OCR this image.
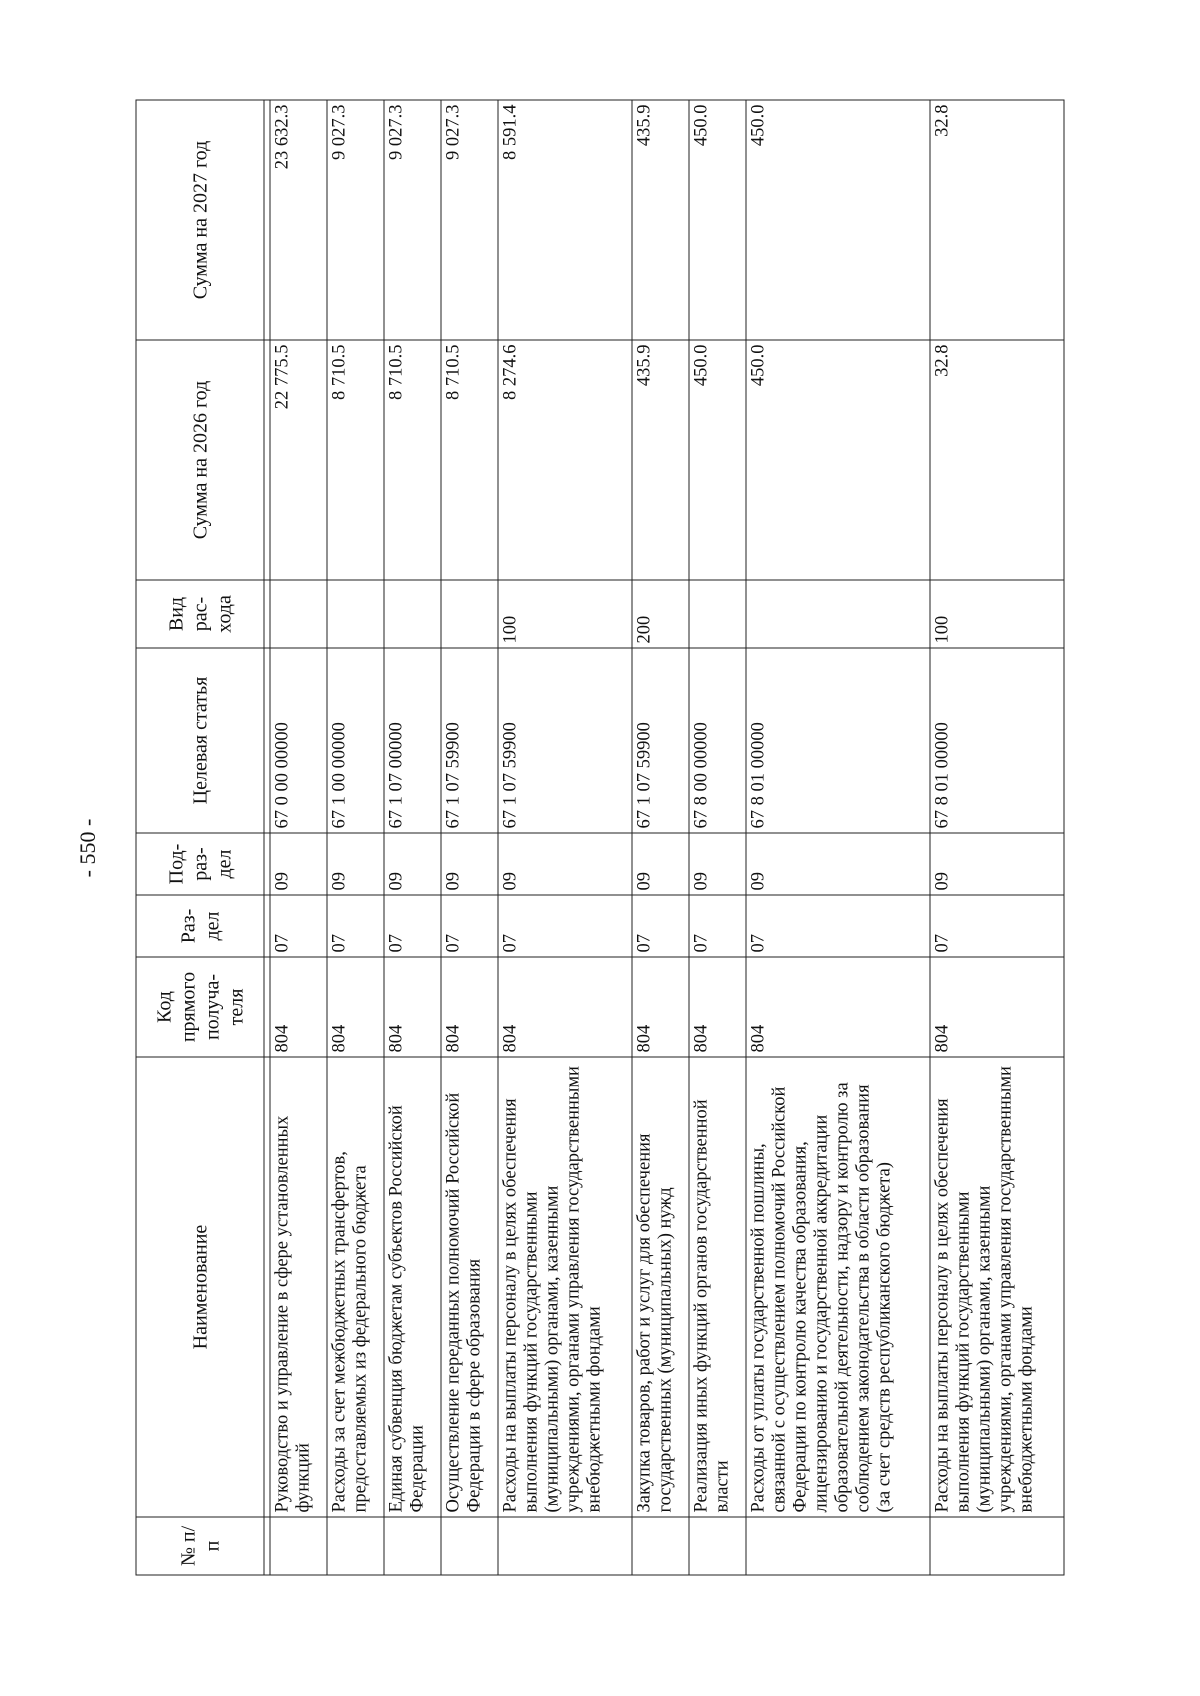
- 550 -
№ п/п	Наименование	Код прямого получа-теля	Раз-дел	Под-раз-дел	Целевая статья	Вид рас-хода	Сумма на 2026 год	Сумма на 2027 год

	Руководство и управление в сфере установленных функций	804	07	09	67 0 00 00000		22 775.5	23 632.3
	Расходы за счет межбюджетных трансфертов, предоставляемых из федерального бюджета	804	07	09	67 1 00 00000		8 710.5	9 027.3
	Единая субвенция бюджетам субъектов Российской Федерации	804	07	09	67 1 07 00000		8 710.5	9 027.3
	Осуществление переданных полномочий Российской Федерации в сфере образования	804	07	09	67 1 07 59900		8 710.5	9 027.3
	Расходы на выплаты персоналу в целях обеспечения выполнения функций государственными (муниципальными) органами, казенными учреждениями, органами управления государственными внебюджетными фондами	804	07	09	67 1 07 59900	100	8 274.6	8 591.4
	Закупка товаров, работ и услуг для обеспечения государственных (муниципальных) нужд	804	07	09	67 1 07 59900	200	435.9	435.9
	Реализация иных функций органов государственной власти	804	07	09	67 8 00 00000		450.0	450.0
	Расходы от уплаты государственной пошлины, связанной с осуществлением полномочий Российской Федерации по контролю качества образования, лицензированию и государственной аккредитации образовательной деятельности, надзору и контролю за соблюдением законодательства в области образования (за счет средств республиканского бюджета)	804	07	09	67 8 01 00000		450.0	450.0
	Расходы на выплаты персоналу в целях обеспечения выполнения функций государственными (муниципальными) органами, казенными учреждениями, органами управления государственными внебюджетными фондами	804	07	09	67 8 01 00000	100	32.8	32.8
